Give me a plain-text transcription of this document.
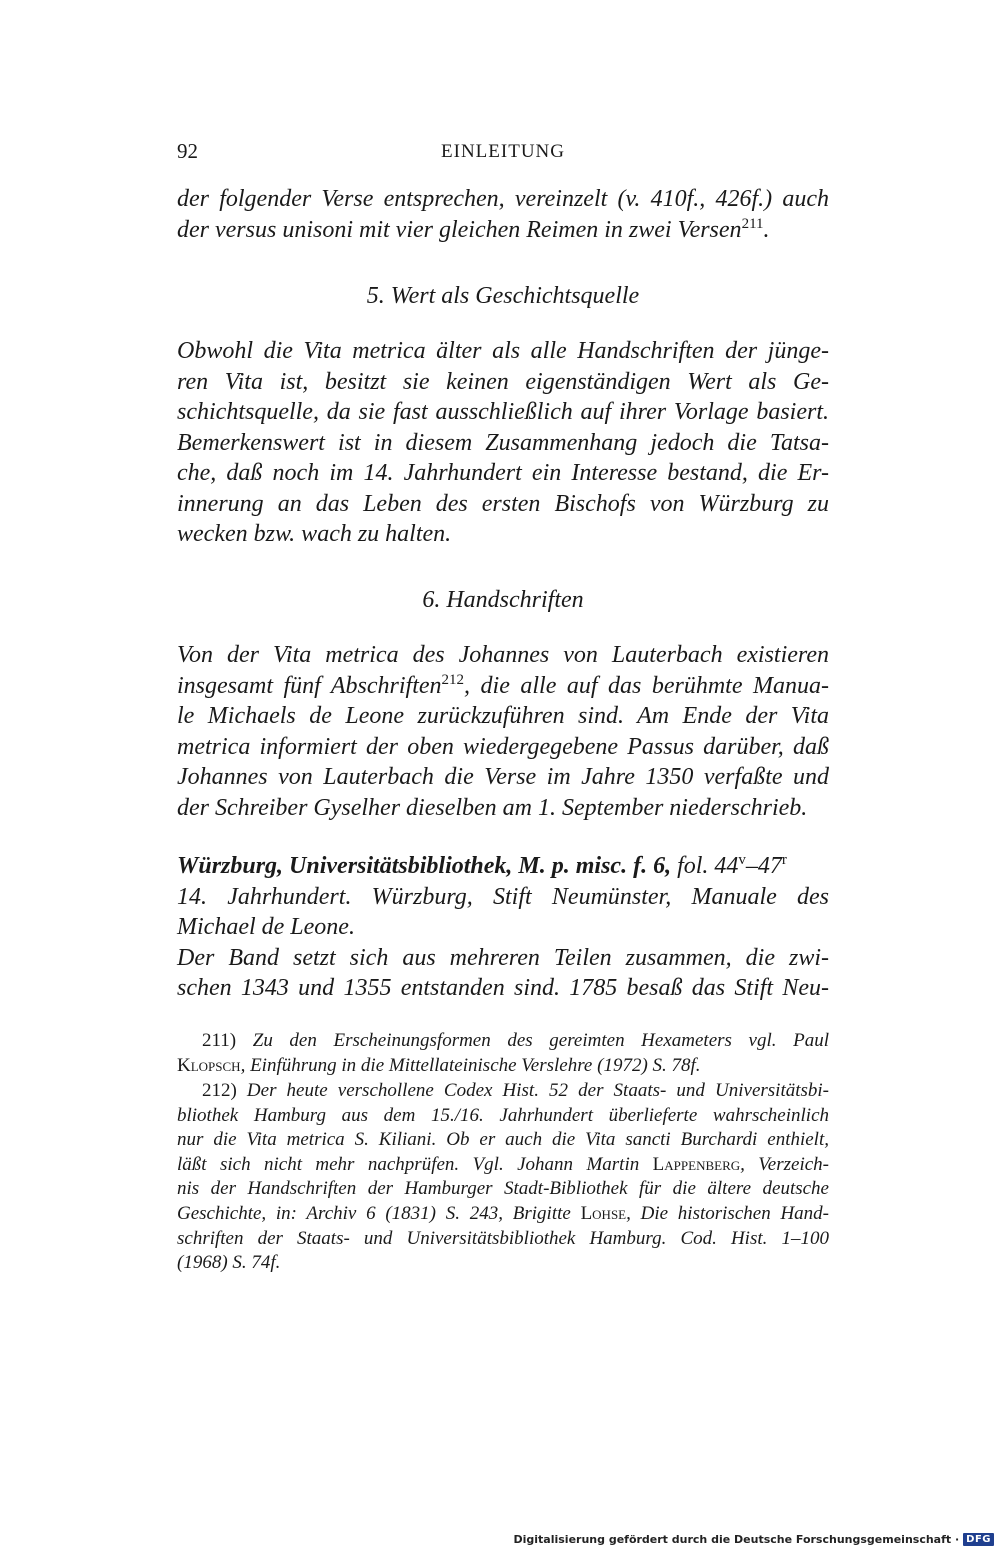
92	EINLEITUNG
der folgender Verse entsprechen, vereinzelt (v. 410f., 426f.) auch
der versus unisoni mit vier gleichen Reimen in zwei Versen$^{211}$.
5. Wert als Geschichtsquelle
Obwohl die Vita metrica älter als alle Handschriften der jünge-
ren Vita ist, besitzt sie keinen eigenständigen Wert als Ge-
schichtsquelle, da sie fast ausschließlich auf ihrer Vorlage basiert.
Bemerkenswert ist in diesem Zusammenhang jedoch die Tatsa-
che, daß noch im 14. Jahrhundert ein Interesse bestand, die Er-
innerung an das Leben des ersten Bischofs von Würzburg zu
wecken bzw. wach zu halten.
6. Handschriften
Von der Vita metrica des Johannes von Lauterbach existieren
insgesamt fünf Abschriften$^{212}$, die alle auf das berühmte Manua-
le Michaels de Leone zurückzuführen sind. Am Ende der Vita
metrica informiert der oben wiedergegebene Passus darüber, daß
Johannes von Lauterbach die Verse im Jahre 1350 verfaßte und
der Schreiber Gyselher dieselben am 1. September niederschrieb.
Würzburg, Universitätsbibliothek, M. p. misc. f. 6, fol. 44$^v$–47$^r$
14. Jahrhundert. Würzburg, Stift Neumünster, Manuale des
Michael de Leone.
Der Band setzt sich aus mehreren Teilen zusammen, die zwi-
schen 1343 und 1355 entstanden sind. 1785 besaß das Stift Neu-
211) Zu den Erscheinungsformen des gereimten Hexameters vgl. Paul
Klopsch, Einführung in die Mittellateinische Verslehre (1972) S. 78f.
212) Der heute verschollene Codex Hist. 52 der Staats- und Universitätsbi-
bliothek Hamburg aus dem 15./16. Jahrhundert überlieferte wahrscheinlich
nur die Vita metrica S. Kiliani. Ob er auch die Vita sancti Burchardi enthielt,
läßt sich nicht mehr nachprüfen. Vgl. Johann Martin Lappenberg, Verzeich-
nis der Handschriften der Hamburger Stadt-Bibliothek für die ältere deutsche
Geschichte, in: Archiv 6 (1831) S. 243, Brigitte Lohse, Die historischen Hand-
schriften der Staats- und Universitätsbibliothek Hamburg. Cod. Hist. 1–100
(1968) S. 74f.
Digitalisierung gefördert durch die Deutsche Forschungsgemeinschaft · DFG
